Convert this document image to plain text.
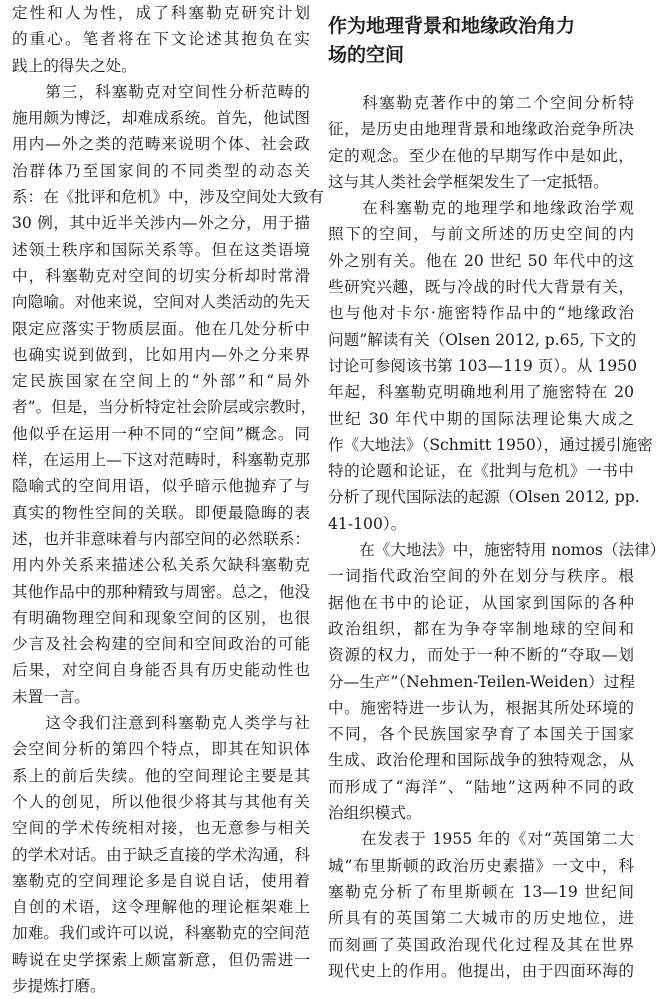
定性和人为性，成了科塞勒克研究计划
的重心。笔者将在下文论述其抱负在实
践上的得失之处。
　　第三，科塞勒克对空间性分析范畴的
施用颇为博泛，却难成系统。首先，他试图
用内—外之类的范畴来说明个体、社会政
治群体乃至国家间的不同类型的动态关
系：在《批评和危机》中，涉及空间处大致有
30 例，其中近半关涉内—外之分，用于描
述领土秩序和国际关系等。但在这类语境
中，科塞勒克对空间的切实分析却时常滑
向隐喻。对他来说，空间对人类活动的先天
限定应落实于物质层面。他在几处分析中
也确实说到做到，比如用内—外之分来界
定民族国家在空间上的“外部”和“局外
者”。但是，当分析特定社会阶层或宗教时，
他似乎在运用一种不同的“空间”概念。同
样，在运用上—下这对范畴时，科塞勒克那
隐喻式的空间用语，似乎暗示他抛弃了与
真实的物性空间的关联。即便最隐晦的表
述，也并非意味着与内部空间的必然联系：
用内外关系来描述公私关系欠缺科塞勒克
其他作品中的那种精致与周密。总之，他没
有明确物理空间和现象空间的区别，也很
少言及社会构建的空间和空间政治的可能
后果，对空间自身能否具有历史能动性也
未置一言。
　　这令我们注意到科塞勒克人类学与社
会空间分析的第四个特点，即其在知识体
系上的前后失续。他的空间理论主要是其
个人的创见，所以他很少将其与其他有关
空间的学术传统相对接，也无意参与相关
的学术对话。由于缺乏直接的学术沟通，科
塞勒克的空间理论多是自说自话，使用着
自创的术语，这令理解他的理论框架难上
加难。我们或许可以说，科塞勒克的空间范
畴说在史学探索上颇富新意，但仍需进一
步提炼打磨。
作为地理背景和地缘政治角力
场的空间
　　科塞勒克著作中的第二个空间分析特
征，是历史由地理背景和地缘政治竞争所决
定的观念。至少在他的早期写作中是如此，
这与其人类社会学框架发生了一定抵牾。
　　在科塞勒克的地理学和地缘政治学观
照下的空间，与前文所述的历史空间的内
外之别有关。他在 20 世纪 50 年代中的这
些研究兴趣，既与冷战的时代大背景有关，
也与他对卡尔·施密特作品中的“地缘政治
问题”解读有关（Olsen 2012, p.65, 下文的
讨论可参阅该书第 103—119 页）。从 1950
年起，科塞勒克明确地利用了施密特在 20
世纪 30 年代中期的国际法理论集大成之
作《大地法》（Schmitt 1950），通过援引施密
特的论题和论证，在《批判与危机》一书中
分析了现代国际法的起源（Olsen 2012, pp.
41-100）。
　　在《大地法》中，施密特用 nomos（法律）
一词指代政治空间的外在划分与秩序。根
据他在书中的论证，从国家到国际的各种
政治组织，都在为争夺宰制地球的空间和
资源的权力，而处于一种不断的“夺取—划
分—生产”（Nehmen-Teilen-Weiden）过程
中。施密特进一步认为，根据其所处环境的
不同，各个民族国家孕育了本国关于国家
生成、政治伦理和国际战争的独特观念，从
而形成了“海洋”、“陆地”这两种不同的政
治组织模式。
　　在发表于 1955 年的《对“英国第二大
城”布里斯顿的政治历史素描》一文中，科
塞勒克分析了布里斯顿在 13—19 世纪间
所具有的英国第二大城市的历史地位，进
而刻画了英国政治现代化过程及其在世界
现代史上的作用。他提出，由于四面环海的
